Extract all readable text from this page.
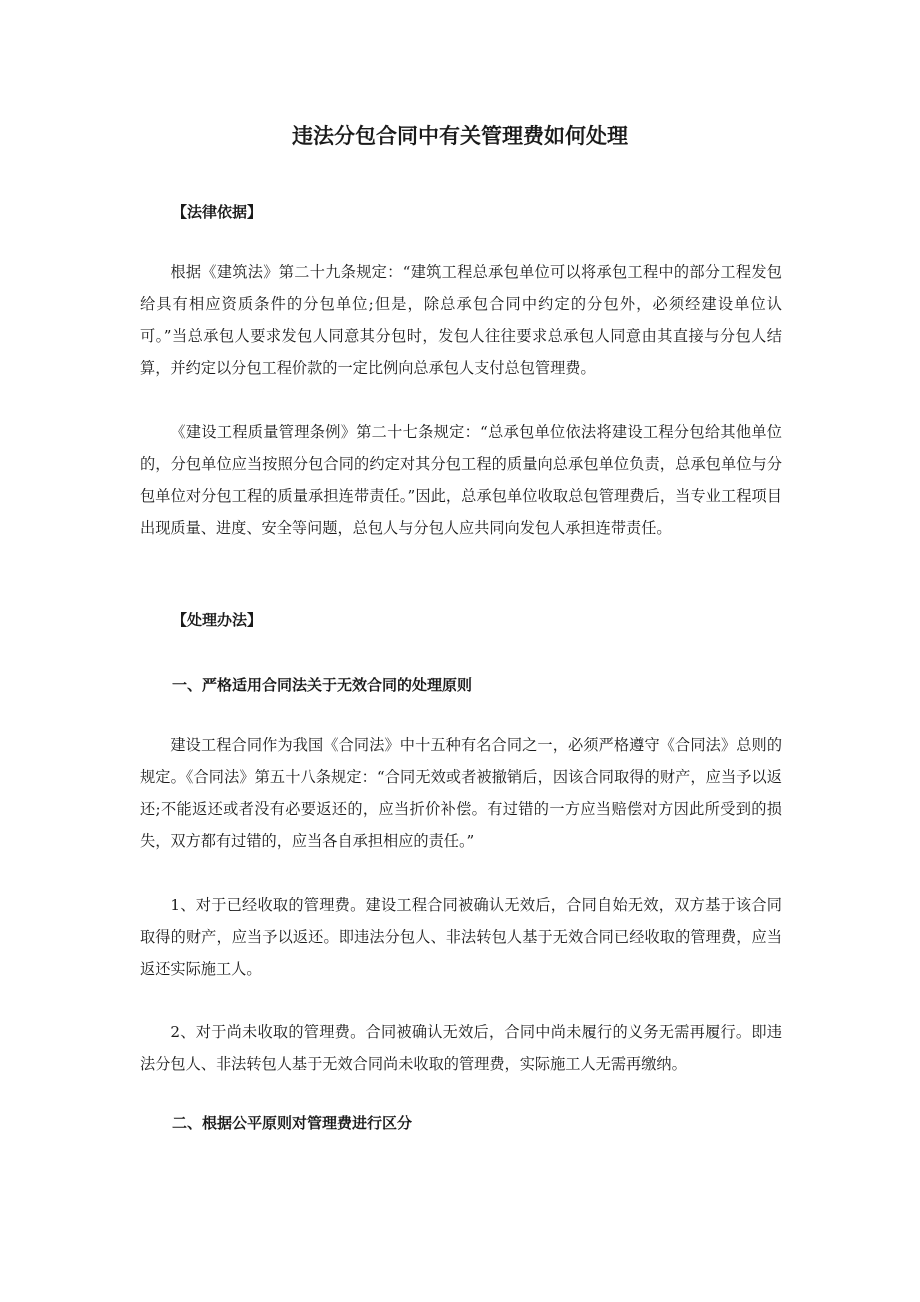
违法分包合同中有关管理费如何处理
【法律依据】

根据《建筑法》第二十九条规定：“建筑工程总承包单位可以将承包工程中的部分工程发包给具有相应资质条件的分包单位;但是，除总承包合同中约定的分包外，必须经建设单位认可。”当总承包人要求发包人同意其分包时，发包人往往要求总承包人同意由其直接与分包人结算，并约定以分包工程价款的一定比例向总承包人支付总包管理费。

《建设工程质量管理条例》第二十七条规定：“总承包单位依法将建设工程分包给其他单位的，分包单位应当按照分包合同的约定对其分包工程的质量向总承包单位负责，总承包单位与分包单位对分包工程的质量承担连带责任。”因此，总承包单位收取总包管理费后，当专业工程项目出现质量、进度、安全等问题，总包人与分包人应共同向发包人承担连带责任。

【处理办法】
一、严格适用合同法关于无效合同的处理原则

建设工程合同作为我国《合同法》中十五种有名合同之一，必须严格遵守《合同法》总则的规定。《合同法》第五十八条规定：“合同无效或者被撤销后，因该合同取得的财产，应当予以返还;不能返还或者没有必要返还的，应当折价补偿。有过错的一方应当赔偿对方因此所受到的损失，双方都有过错的，应当各自承担相应的责任。”

1、对于已经收取的管理费。建设工程合同被确认无效后，合同自始无效，双方基于该合同取得的财产，应当予以返还。即违法分包人、非法转包人基于无效合同已经收取的管理费，应当返还实际施工人。

2、对于尚未收取的管理费。合同被确认无效后，合同中尚未履行的义务无需再履行。即违法分包人、非法转包人基于无效合同尚未收取的管理费，实际施工人无需再缴纳。

二、根据公平原则对管理费进行区分
